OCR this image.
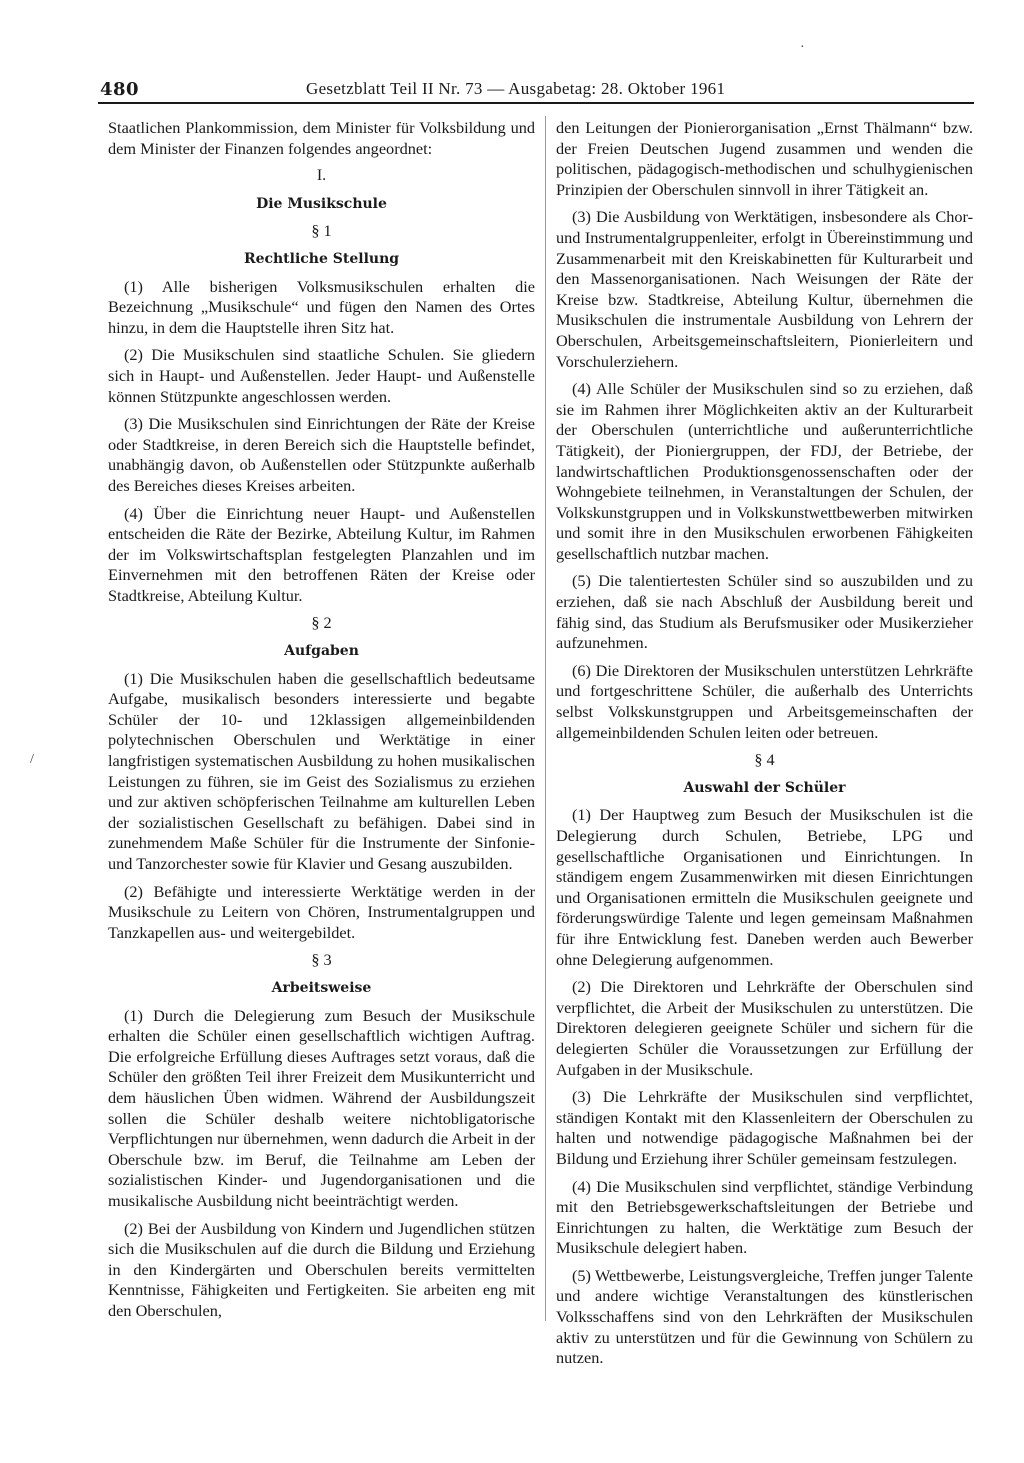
480	Gesetzblatt Teil II Nr. 73 — Ausgabetag: 28. Oktober 1961

Staatlichen Plankommission, dem Minister für Volksbildung und dem Minister der Finanzen folgendes angeordnet:

I.

Die Musikschule

§ 1

Rechtliche Stellung

(1) Alle bisherigen Volksmusikschulen erhalten die Bezeichnung „Musikschule“ und fügen den Namen des Ortes hinzu, in dem die Hauptstelle ihren Sitz hat.

(2) Die Musikschulen sind staatliche Schulen. Sie gliedern sich in Haupt- und Außenstellen. Jeder Haupt- und Außenstelle können Stützpunkte angeschlossen werden.

(3) Die Musikschulen sind Einrichtungen der Räte der Kreise oder Stadtkreise, in deren Bereich sich die Hauptstelle befindet, unabhängig davon, ob Außenstellen oder Stützpunkte außerhalb des Bereiches dieses Kreises arbeiten.

(4) Über die Einrichtung neuer Haupt- und Außenstellen entscheiden die Räte der Bezirke, Abteilung Kultur, im Rahmen der im Volkswirtschaftsplan festgelegten Planzahlen und im Einvernehmen mit den betroffenen Räten der Kreise oder Stadtkreise, Abteilung Kultur.

§ 2

Aufgaben

(1) Die Musikschulen haben die gesellschaftlich bedeutsame Aufgabe, musikalisch besonders interessierte und begabte Schüler der 10- und 12klassigen allgemeinbildenden polytechnischen Oberschulen und Werktätige in einer langfristigen systematischen Ausbildung zu hohen musikalischen Leistungen zu führen, sie im Geist des Sozialismus zu erziehen und zur aktiven schöpferischen Teilnahme am kulturellen Leben der sozialistischen Gesellschaft zu befähigen. Dabei sind in zunehmendem Maße Schüler für die Instrumente der Sinfonie- und Tanzorchester sowie für Klavier und Gesang auszubilden.

(2) Befähigte und interessierte Werktätige werden in der Musikschule zu Leitern von Chören, Instrumentalgruppen und Tanzkapellen aus- und weitergebildet.

§ 3

Arbeitsweise

(1) Durch die Delegierung zum Besuch der Musikschule erhalten die Schüler einen gesellschaftlich wichtigen Auftrag. Die erfolgreiche Erfüllung dieses Auftrages setzt voraus, daß die Schüler den größten Teil ihrer Freizeit dem Musikunterricht und dem häuslichen Üben widmen. Während der Ausbildungszeit sollen die Schüler deshalb weitere nichtobligatorische Verpflichtungen nur übernehmen, wenn dadurch die Arbeit in der Oberschule bzw. im Beruf, die Teilnahme am Leben der sozialistischen Kinder- und Jugendorganisationen und die musikalische Ausbildung nicht beeinträchtigt werden.

(2) Bei der Ausbildung von Kindern und Jugendlichen stützen sich die Musikschulen auf die durch die Bildung und Erziehung in den Kindergärten und Oberschulen bereits vermittelten Kenntnisse, Fähigkeiten und Fertigkeiten. Sie arbeiten eng mit den Oberschulen,

den Leitungen der Pionierorganisation „Ernst Thälmann“ bzw. der Freien Deutschen Jugend zusammen und wenden die politischen, pädagogisch-methodischen und schulhygienischen Prinzipien der Oberschulen sinnvoll in ihrer Tätigkeit an.

(3) Die Ausbildung von Werktätigen, insbesondere als Chor- und Instrumentalgruppenleiter, erfolgt in Übereinstimmung und Zusammenarbeit mit den Kreiskabinetten für Kulturarbeit und den Massenorganisationen. Nach Weisungen der Räte der Kreise bzw. Stadtkreise, Abteilung Kultur, übernehmen die Musikschulen die instrumentale Ausbildung von Lehrern der Oberschulen, Arbeitsgemeinschaftsleitern, Pionierleitern und Vorschulerziehern.

(4) Alle Schüler der Musikschulen sind so zu erziehen, daß sie im Rahmen ihrer Möglichkeiten aktiv an der Kulturarbeit der Oberschulen (unterrichtliche und außerunterrichtliche Tätigkeit), der Pioniergruppen, der FDJ, der Betriebe, der landwirtschaftlichen Produktionsgenossenschaften oder der Wohngebiete teilnehmen, in Veranstaltungen der Schulen, der Volkskunstgruppen und in Volkskunstwettbewerben mitwirken und somit ihre in den Musikschulen erworbenen Fähigkeiten gesellschaftlich nutzbar machen.

(5) Die talentiertesten Schüler sind so auszubilden und zu erziehen, daß sie nach Abschluß der Ausbildung bereit und fähig sind, das Studium als Berufsmusiker oder Musikerzieher aufzunehmen.

(6) Die Direktoren der Musikschulen unterstützen Lehrkräfte und fortgeschrittene Schüler, die außerhalb des Unterrichts selbst Volkskunstgruppen und Arbeitsgemeinschaften der allgemeinbildenden Schulen leiten oder betreuen.

§ 4

Auswahl der Schüler

(1) Der Hauptweg zum Besuch der Musikschulen ist die Delegierung durch Schulen, Betriebe, LPG und gesellschaftliche Organisationen und Einrichtungen. In ständigem engem Zusammenwirken mit diesen Einrichtungen und Organisationen ermitteln die Musikschulen geeignete und förderungswürdige Talente und legen gemeinsam Maßnahmen für ihre Entwicklung fest. Daneben werden auch Bewerber ohne Delegierung aufgenommen.

(2) Die Direktoren und Lehrkräfte der Oberschulen sind verpflichtet, die Arbeit der Musikschulen zu unterstützen. Die Direktoren delegieren geeignete Schüler und sichern für die delegierten Schüler die Voraussetzungen zur Erfüllung der Aufgaben in der Musikschule.

(3) Die Lehrkräfte der Musikschulen sind verpflichtet, ständigen Kontakt mit den Klassenleitern der Oberschulen zu halten und notwendige pädagogische Maßnahmen bei der Bildung und Erziehung ihrer Schüler gemeinsam festzulegen.

(4) Die Musikschulen sind verpflichtet, ständige Verbindung mit den Betriebsgewerkschaftsleitungen der Betriebe und Einrichtungen zu halten, die Werktätige zum Besuch der Musikschule delegiert haben.

(5) Wettbewerbe, Leistungsvergleiche, Treffen junger Talente und andere wichtige Veranstaltungen des künstlerischen Volksschaffens sind von den Lehrkräften der Musikschulen aktiv zu unterstützen und für die Gewinnung von Schülern zu nutzen.

·
/
